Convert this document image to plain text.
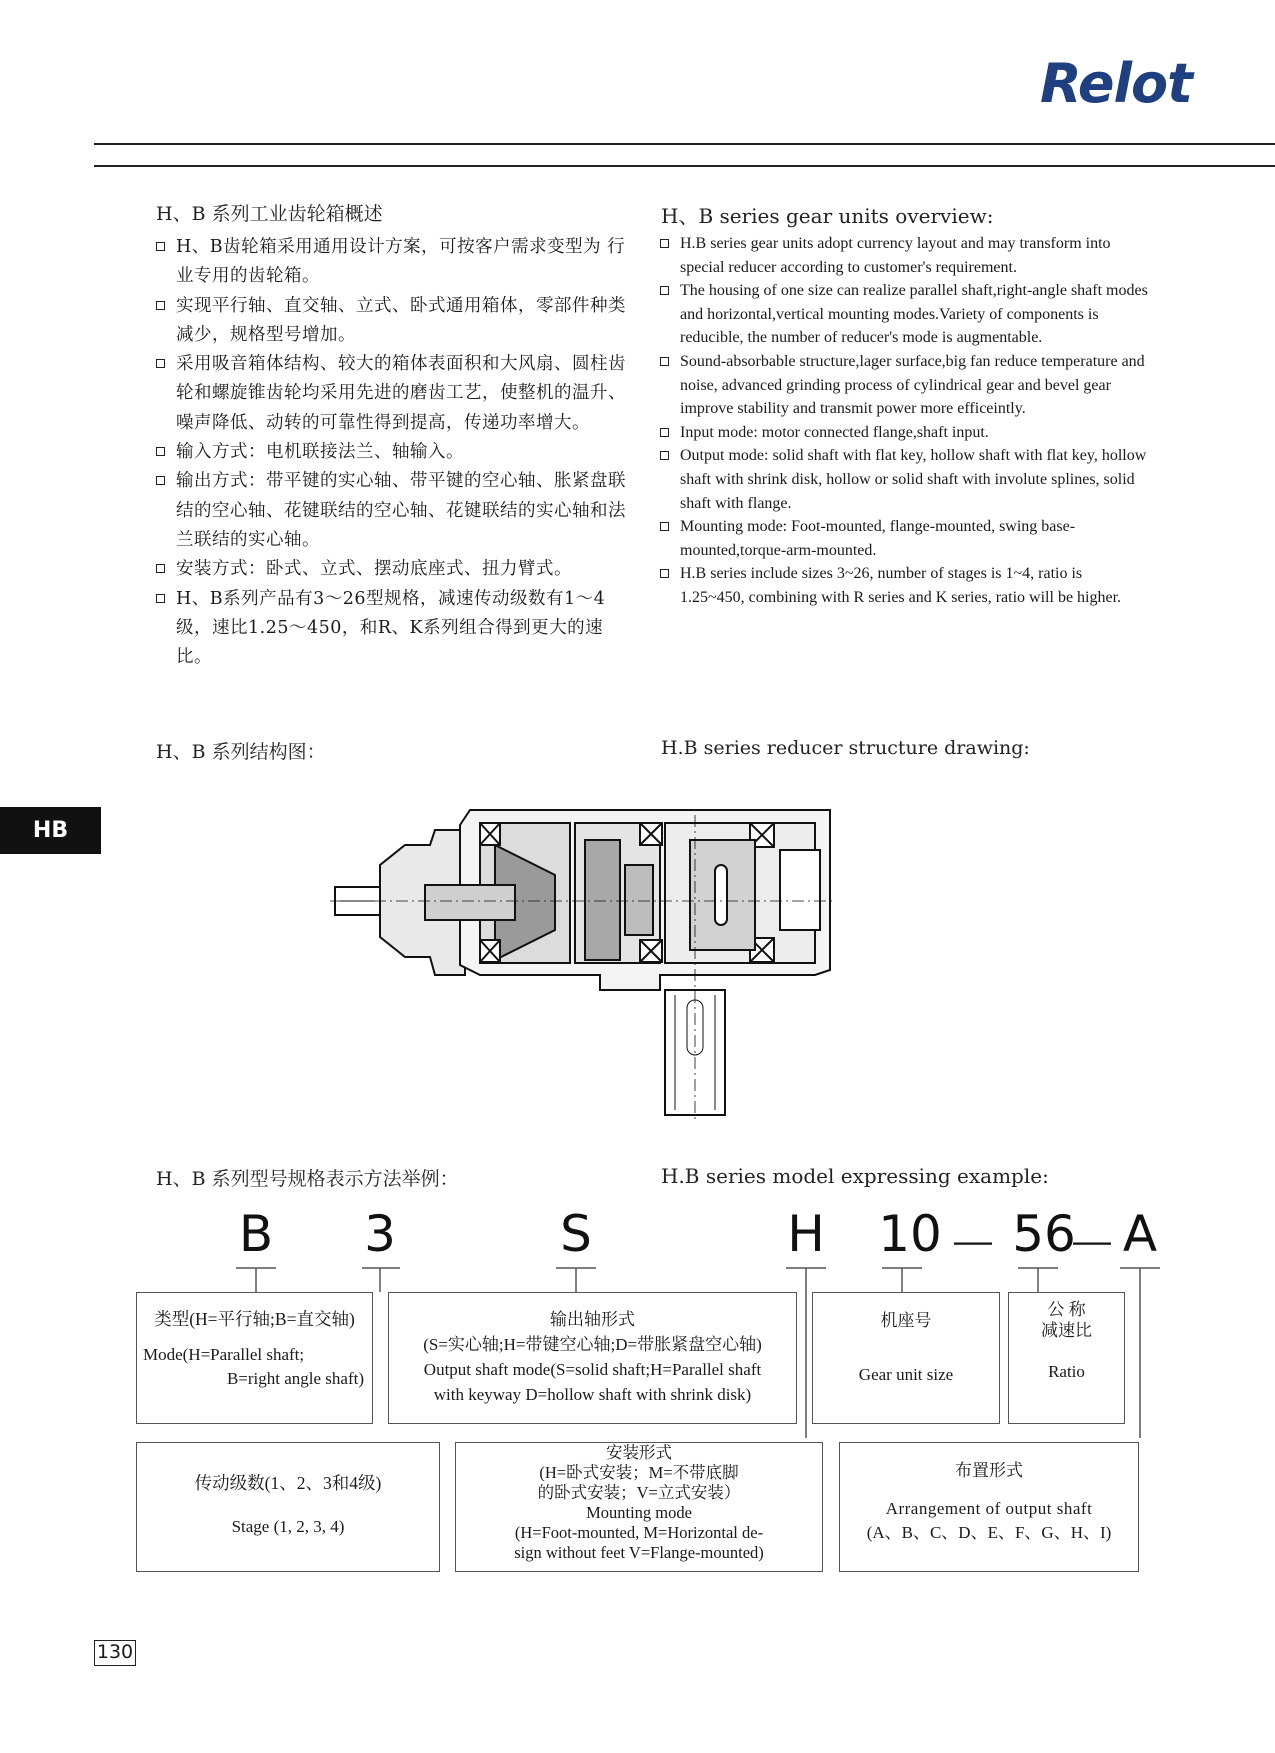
Relot
H、B 系列工业齿轮箱概述
H、B齿轮箱采用通用设计方案，可按客户需求变型为 行业专用的齿轮箱。
实现平行轴、直交轴、立式、卧式通用箱体，零部件种类减少，规格型号增加。
采用吸音箱体结构、较大的箱体表面积和大风扇、圆柱齿轮和螺旋锥齿轮均采用先进的磨齿工艺，使整机的温升、噪声降低、动转的可靠性得到提高，传递功率增大。
输入方式：电机联接法兰、轴输入。
输出方式：带平键的实心轴、带平键的空心轴、胀紧盘联结的空心轴、花键联结的空心轴、花键联结的实心轴和法兰联结的实心轴。
安装方式：卧式、立式、摆动底座式、扭力臂式。
H、B系列产品有3～26型规格，减速传动级数有1～4级，速比1.25～450，和R、K系列组合得到更大的速比。
H、B series gear units overview:
H.B series gear units adopt currency layout and may transform into special reducer according to customer's requirement.
The housing of one size can realize parallel shaft,right-angle shaft modes and horizontal,vertical mounting modes.Variety of components is reducible, the number of reducer's mode is augmentable.
Sound-absorbable structure,lager surface,big fan reduce temperature and noise, advanced grinding process of cylindrical gear and bevel gear improve stability and transmit power more efficeintly.
Input mode: motor connected flange,shaft input.
Output mode: solid shaft with flat key, hollow shaft with flat key, hollow shaft with shrink disk, hollow or solid shaft with involute splines, solid shaft with flange.
Mounting mode: Foot-mounted, flange-mounted, swing base-mounted,torque-arm-mounted.
H.B series include sizes 3~26, number of stages is 1~4, ratio is 1.25~450, combining with R series and K series, ratio will be higher.
H、B 系列结构图：	H.B series reducer structure drawing:
HB
H、B 系列型号规格表示方法举例：	H.B series model expressing example:
B 3	S	H 10 － 56
－ A
类型(H=平行轴;B=直交轴)
Mode(H=Parallel shaft;
B=right angle shaft)
输出轴形式
(S=实心轴;H=带键空心轴;D=带胀紧盘空心轴)
Output shaft mode(S=solid shaft;H=Parallel shaft
with keyway D=hollow shaft with shrink disk)
机座号
Gear unit size
公 称
减速比
Ratio
传动级数(1、2、3和4级)
Stage (1, 2, 3, 4)
安装形式
(H=卧式安装；M=不带底脚
的卧式安装；V=立式安装）
Mounting mode
(H=Foot-mounted, M=Horizontal de-
sign without feet V=Flange-mounted)
布置形式
Arrangement of output shaft
(A、B、C、D、E、F、G、H、I)
130
